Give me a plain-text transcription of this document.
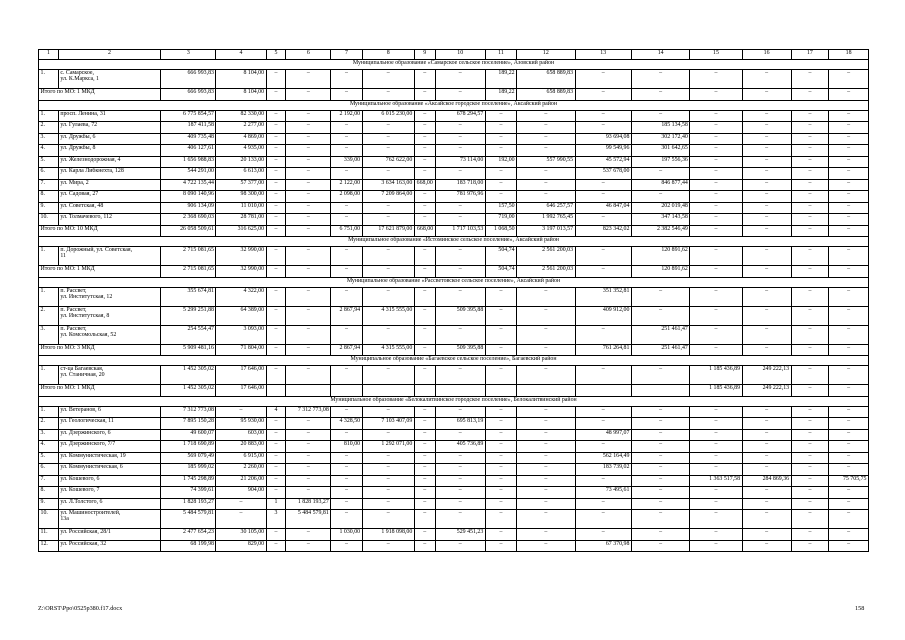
1	2	3	4	5	6	7	8	9	10	11	12	13	14	15	16	17	18
Муниципальное образование «Самарское сельское поселение», Азовский район																	
1.	с. Самарское,
ул. К.Маркса, 1	666 993,83	8 104,00	–	–	–	–	–	–	189,22	658 889,83	–	–	–	–	–	–
Итого по МО: 1 МКД		666 993,83	8 104,00	–	–	–	–	–	–	189,22	658 889,83	–	–	–	–	–	–
Муниципальное образование «Аксайское городское поселение», Аксайский район																	
1.	просп. Ленина, 31	6 775 854,57	82 330,00	–	–	2 192,00	6 015 230,00	–	678 294,57	–	–	–	–	–	–	–	–
2.	ул. Гулаева, 72	187 411,58	2 277,00	–	–	–	–	–	–	–	–	–	185 134,58	–	–	–	–
3.	ул. Дружбы, 6	409 735,48	4 869,00	–	–	–	–	–	–	–	–	93 694,08	302 172,40	–	–	–	–
4.	ул. Дружбы, 8	406 127,61	4 935,00	–	–	–	–	–	–	–	–	99 549,96	301 642,65	–	–	–	–
5.	ул. Железнодорожная, 4	1 656 988,83	20 133,00	–	–	339,00	762 622,00	–	73 114,00	192,00	557 990,55	45 572,94	197 556,36	–	–	–	–
6.	ул. Карла Либкнехта, 128	544 291,00	6 613,00	–	–	–	–	–	–	–	–	537 678,00	–	–	–	–	–
7.	ул. Мира, 2	4 722 135,44	57 377,00	–	–	2 122,00	3 634 163,00	668,00	183 718,00	–	–	–	846 877,44	–	–	–	–
8.	ул. Садовая, 27	8 090 140,96	98 300,00	–	–	2 098,00	7 209 864,00	–	781 976,96	–	–	–	–	–	–	–	–
9.	ул. Советская, 48	906 134,09	11 010,00	–	–	–	–	–	–	157,50	646 257,57	46 847,04	202 019,48	–	–	–	–
10.	ул. Толмачевого, 112	2 368 690,03	28 781,00	–	–	–	–	–	–	719,00	1 992 765,45	–	347 143,58	–	–	–	–
Итого по МО: 10 МКД		26 058 509,61	316 625,00	–	–	6 751,00	17 621 879,00	668,00	1 717 103,53	1 068,50	3 197 013,57	823 342,02	2 382 546,49	–	–	–	–
Муниципальное образование «Истоминское сельское поселение», Аксайский район																	
1.	п. Дорожный, ул. Советская,
11	2 715 081,65	32 990,00	–	–	–	–	–	–	504,74	2 561 200,03	–	120 891,62	–	–	–	–
Итого по МО: 1 МКД		2 715 081,65	32 990,00	–	–	–	–	–	–	504,74	2 561 200,03	–	120 891,62	–	–	–	–
Муниципальное образование «Рассветовское сельское поселение», Аксайский район																	
1.	п. Рассвет,
ул. Институтская, 12	355 674,81	4 322,00	–	–	–	–	–	–	–	–	351 352,81	–	–	–	–	–
2.	п. Рассвет,
ул. Институтская, 8	5 299 251,88	64 389,00	–	–	2 867,94	4 315 555,00	–	509 395,88	–	–	409 912,00	–	–	–	–	–
3.	п. Рассвет,
ул. Комсомольская, 52	254 554,47	3 093,00	–	–	–	–	–	–	–	–	–	251 461,47	–	–	–	–
Итого по МО: 3 МКД		5 909 481,16	71 804,00	–	–	2 867,94	4 315 555,00	–	509 395,88	–	–	761 264,81	251 461,47	–	–	–	–
Муниципальное образование «Багаевское сельское поселение», Багаевский район																	
1.	ст-ца Багаевская,
ул. Станичная, 20	1 452 305,02	17 646,00	–	–	–	–	–	–	–	–	–	–	1 185 436,89	249 222,13	–	–
Итого по МО: 1 МКД		1 452 305,02	17 646,00											1 185 436,89	249 222,13	–	–
Муниципальное образование «Белокалитвинское городское поселение», Белокалитвинский район																	
1.	ул. Ветеранов, 6	7 312 773,08	–	4	7 312 773,08	–	–	–	–	–	–	–	–	–	–	–	–
2.	ул. Геологическая, 11	7 895 150,28	95 930,00	–	–	4 328,50	7 103 407,09	–	695 813,19	–	–	–	–	–	–	–	–
3.	ул. Дзержинского, 6	49 600,07	603,00	–	–	–	–	–	–	–	–	48 997,07	–	–	–	–	–
4.	ул. Дзержинского, 7/7	1 718 690,89	20 883,00	–	–	810,00	1 292 071,00	–	405 736,89	–	–	–	–	–	–	–	–
5.	ул. Коммунистическая, 19	569 079,49	6 915,00	–	–	–	–	–	–	–	–	562 164,49	–	–	–	–	–
6.	ул. Коммунистическая, 6	185 999,02	2 260,00	–	–	–	–	–	–	–	–	183 739,02	–	–	–	–	–
7.	ул. Кошевого, 6	1 745 298,89	21 206,00	–	–	–	–	–	–	–	–	–	–	1 363 517,58	284 869,36	–	75 705,75
8.	ул. Кошевого, 7	74 399,61	904,00	–	–	–	–	–	–	–	–	73 495,61	–	–	–	–	–
9.	ул. Л.Толстого, 6	1 828 193,27	–	1	1 828 193,27	–	–	–	–	–	–	–	–	–	–	–	–
10.	ул. Машиностроителей,
13а	5 484 579,81	–	3	5 484 579,81	–	–	–	–	–	–	–	–	–	–	–	–
11.	ул. Российская, 28/1	2 477 654,23	30 105,00	–	–	1 030,00	1 918 098,00	–	529 451,23	–	–	–	–	–	–	–	–
12.	ул. Российская, 32	68 199,98	829,00	–	–	–	–	–	–	–	–	67 370,98	–	–	–	–	–
Z:\ORST\Ppo\0525p380.f17.docx	158
